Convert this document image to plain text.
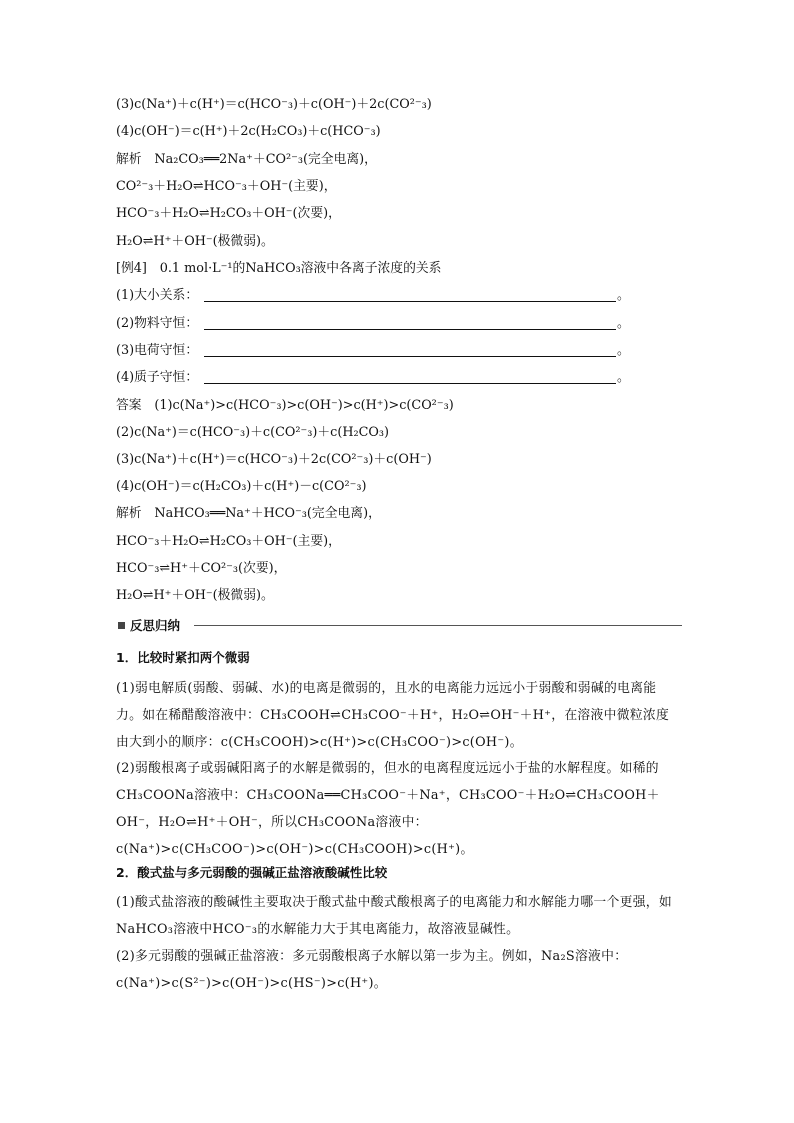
(3)c(Na⁺)＋c(H⁺)＝c(HCO⁻₃)＋c(OH⁻)＋2c(CO²⁻₃)
(4)c(OH⁻)＝c(H⁺)＋2c(H₂CO₃)＋c(HCO⁻₃)
解析　Na₂CO₃══2Na⁺＋CO²⁻₃(完全电离)，
CO²⁻₃＋H₂O⇌HCO⁻₃＋OH⁻(主要)，
HCO⁻₃＋H₂O⇌H₂CO₃＋OH⁻(次要)，
H₂O⇌H⁺＋OH⁻(极微弱)。
[例4]　0.1 mol·L⁻¹的NaHCO₃溶液中各离子浓度的关系
(1)大小关系：	。
(2)物料守恒：	。
(3)电荷守恒：	。
(4)质子守恒：	。
答案　(1)c(Na⁺)>c(HCO⁻₃)>c(OH⁻)>c(H⁺)>c(CO²⁻₃)
(2)c(Na⁺)＝c(HCO⁻₃)＋c(CO²⁻₃)＋c(H₂CO₃)
(3)c(Na⁺)＋c(H⁺)＝c(HCO⁻₃)＋2c(CO²⁻₃)＋c(OH⁻)
(4)c(OH⁻)＝c(H₂CO₃)＋c(H⁺)－c(CO²⁻₃)
解析　NaHCO₃══Na⁺＋HCO⁻₃(完全电离)，
HCO⁻₃＋H₂O⇌H₂CO₃＋OH⁻(主要)，
HCO⁻₃⇌H⁺＋CO²⁻₃(次要)，
H₂O⇌H⁺＋OH⁻(极微弱)。
反思归纳
1．比较时紧扣两个微弱
(1)弱电解质(弱酸、弱碱、水)的电离是微弱的，且水的电离能力远远小于弱酸和弱碱的电离能力。如在稀醋酸溶液中：CH₃COOH⇌CH₃COO⁻＋H⁺，H₂O⇌OH⁻＋H⁺，在溶液中微粒浓度由大到小的顺序：c(CH₃COOH)>c(H⁺)>c(CH₃COO⁻)>c(OH⁻)。
(2)弱酸根离子或弱碱阳离子的水解是微弱的，但水的电离程度远远小于盐的水解程度。如稀的CH₃COONa溶液中：CH₃COONa══CH₃COO⁻＋Na⁺，CH₃COO⁻＋H₂O⇌CH₃COOH＋OH⁻，H₂O⇌H⁺＋OH⁻，所以CH₃COONa溶液中：c(Na⁺)>c(CH₃COO⁻)>c(OH⁻)>c(CH₃COOH)>c(H⁺)。
2．酸式盐与多元弱酸的强碱正盐溶液酸碱性比较
(1)酸式盐溶液的酸碱性主要取决于酸式盐中酸式酸根离子的电离能力和水解能力哪一个更强，如NaHCO₃溶液中HCO⁻₃的水解能力大于其电离能力，故溶液显碱性。
(2)多元弱酸的强碱正盐溶液：多元弱酸根离子水解以第一步为主。例如，Na₂S溶液中：c(Na⁺)>c(S²⁻)>c(OH⁻)>c(HS⁻)>c(H⁺)。
